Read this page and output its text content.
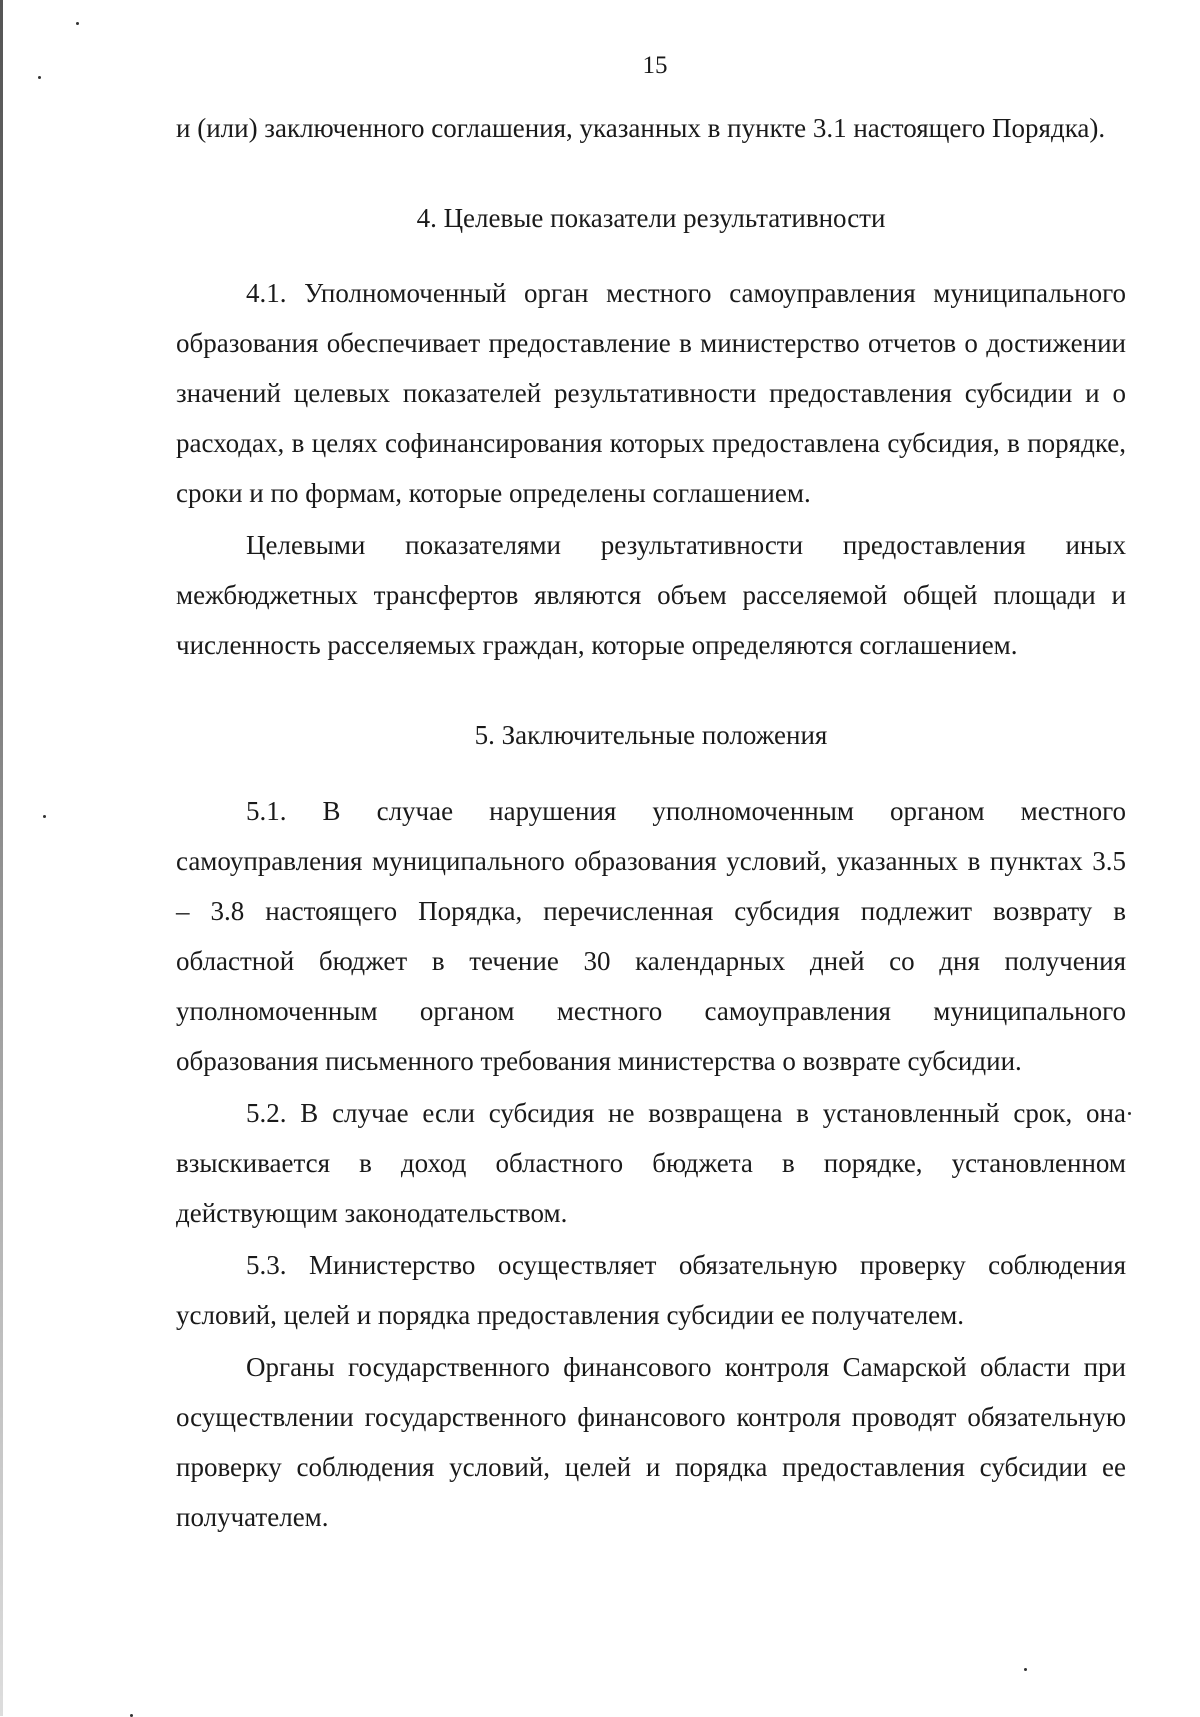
15

и (или) заключенного соглашения, указанных в пункте 3.1 настоящего Порядка).

4. Целевые показатели результативности

4.1. Уполномоченный орган местного самоуправления муниципального образования обеспечивает предоставление в министерство отчетов о достижении значений целевых показателей результативности предоставления субсидии и о расходах, в целях софинансирования которых предоставлена субсидия, в порядке, сроки и по формам, которые определены соглашением.

Целевыми показателями результативности предоставления иных межбюджетных трансфертов являются объем расселяемой общей площади и численность расселяемых граждан, которые определяются соглашением.

5. Заключительные положения

5.1. В случае нарушения уполномоченным органом местного самоуправления муниципального образования условий, указанных в пунктах 3.5 – 3.8 настоящего Порядка, перечисленная субсидия подлежит возврату в областной бюджет в течение 30 календарных дней со дня получения уполномоченным органом местного самоуправления муниципального образования письменного требования министерства о возврате субсидии.

5.2. В случае если субсидия не возвращена в установленный срок, она взыскивается в доход областного бюджета в порядке, установленном действующим законодательством.

5.3. Министерство осуществляет обязательную проверку соблюдения условий, целей и порядка предоставления субсидии ее получателем.

Органы государственного финансового контроля Самарской области при осуществлении государственного финансового контроля проводят обязательную проверку соблюдения условий, целей и порядка предоставления субсидии ее получателем.
